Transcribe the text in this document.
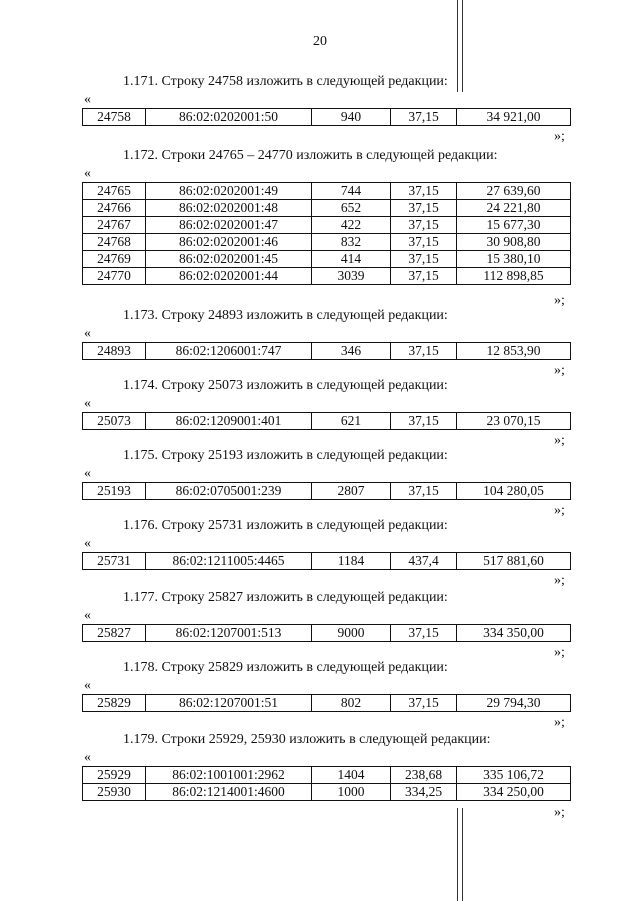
20
1.171. Строку 24758 изложить в следующей редакции:
«
24758	86:02:0202001:50	940	37,15	34 921,00
»;
1.172. Строки 24765 – 24770 изложить в следующей редакции:
«
24765	86:02:0202001:49	744	37,15	27 639,60
24766	86:02:0202001:48	652	37,15	24 221,80
24767	86:02:0202001:47	422	37,15	15 677,30
24768	86:02:0202001:46	832	37,15	30 908,80
24769	86:02:0202001:45	414	37,15	15 380,10
24770	86:02:0202001:44	3039	37,15	112 898,85
»;
1.173. Строку 24893 изложить в следующей редакции:
«
24893	86:02:1206001:747	346	37,15	12 853,90
»;
1.174. Строку 25073 изложить в следующей редакции:
«
25073	86:02:1209001:401	621	37,15	23 070,15
»;
1.175. Строку 25193 изложить в следующей редакции:
«
25193	86:02:0705001:239	2807	37,15	104 280,05
»;
1.176. Строку 25731 изложить в следующей редакции:
«
25731	86:02:1211005:4465	1184	437,4	517 881,60
»;
1.177. Строку 25827 изложить в следующей редакции:
«
25827	86:02:1207001:513	9000	37,15	334 350,00
»;
1.178. Строку 25829 изложить в следующей редакции:
«
25829	86:02:1207001:51	802	37,15	29 794,30
»;
1.179. Строки 25929, 25930 изложить в следующей редакции:
«
25929	86:02:1001001:2962	1404	238,68	335 106,72
25930	86:02:1214001:4600	1000	334,25	334 250,00
»;
